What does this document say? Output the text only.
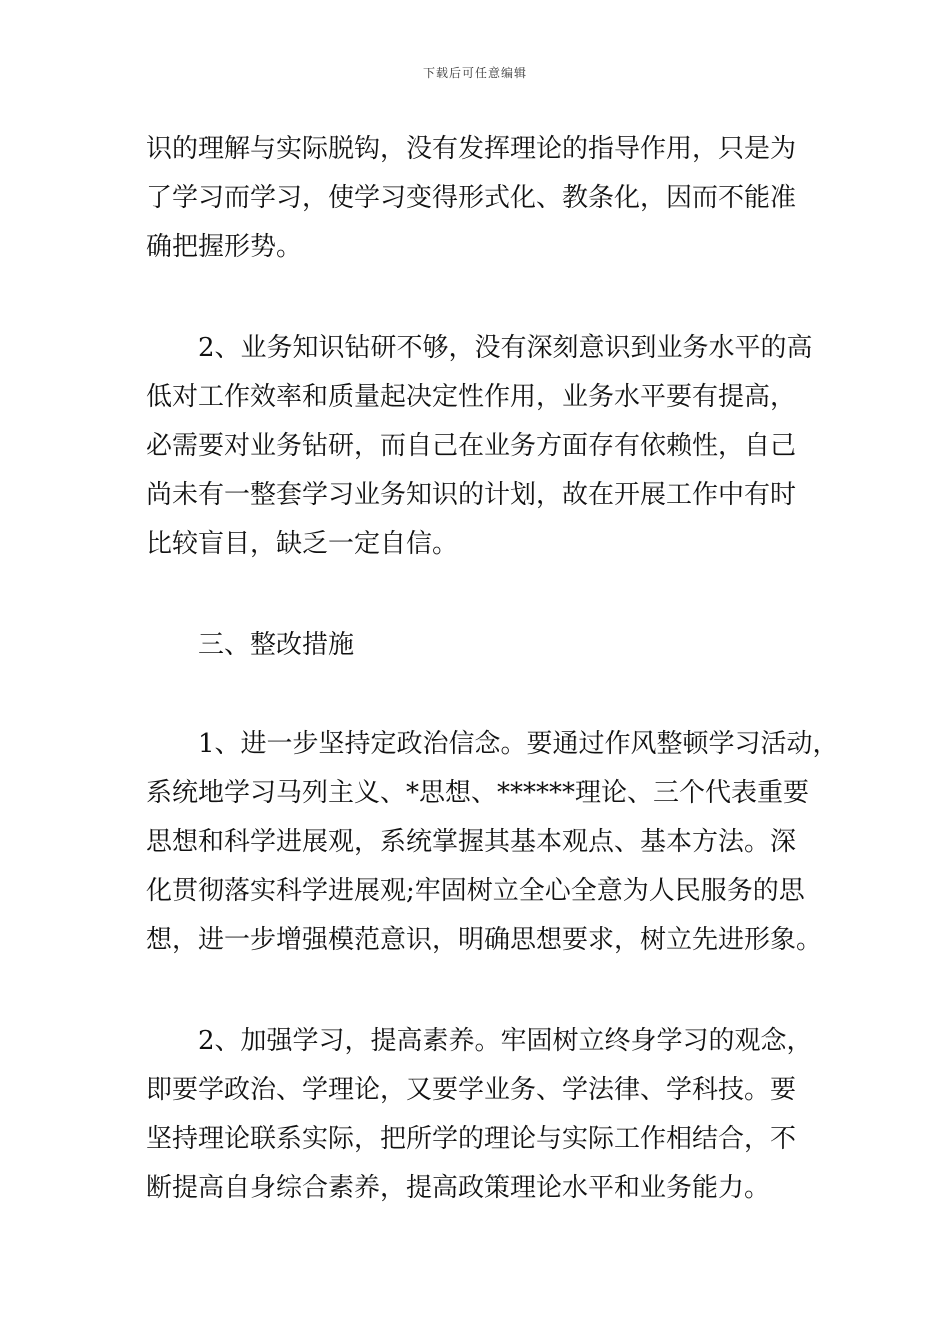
下载后可任意编辑
识的理解与实际脱钩，没有发挥理论的指导作用，只是为
了学习而学习，使学习变得形式化、教条化，因而不能准
确把握形势。
　　2、业务知识钻研不够，没有深刻意识到业务水平的高
低对工作效率和质量起决定性作用，业务水平要有提高，
必需要对业务钻研，而自己在业务方面存有依赖性，自己
尚未有一整套学习业务知识的计划，故在开展工作中有时
比较盲目，缺乏一定自信。
　　三、整改措施
　　1、进一步坚持定政治信念。要通过作风整顿学习活动，
系统地学习马列主义、*思想、******理论、三个代表重要
思想和科学进展观，系统掌握其基本观点、基本方法。深
化贯彻落实科学进展观;牢固树立全心全意为人民服务的思
想，进一步增强模范意识，明确思想要求，树立先进形象。
　　2、加强学习，提高素养。牢固树立终身学习的观念，
即要学政治、学理论，又要学业务、学法律、学科技。要
坚持理论联系实际，把所学的理论与实际工作相结合，不
断提高自身综合素养，提高政策理论水平和业务能力。
